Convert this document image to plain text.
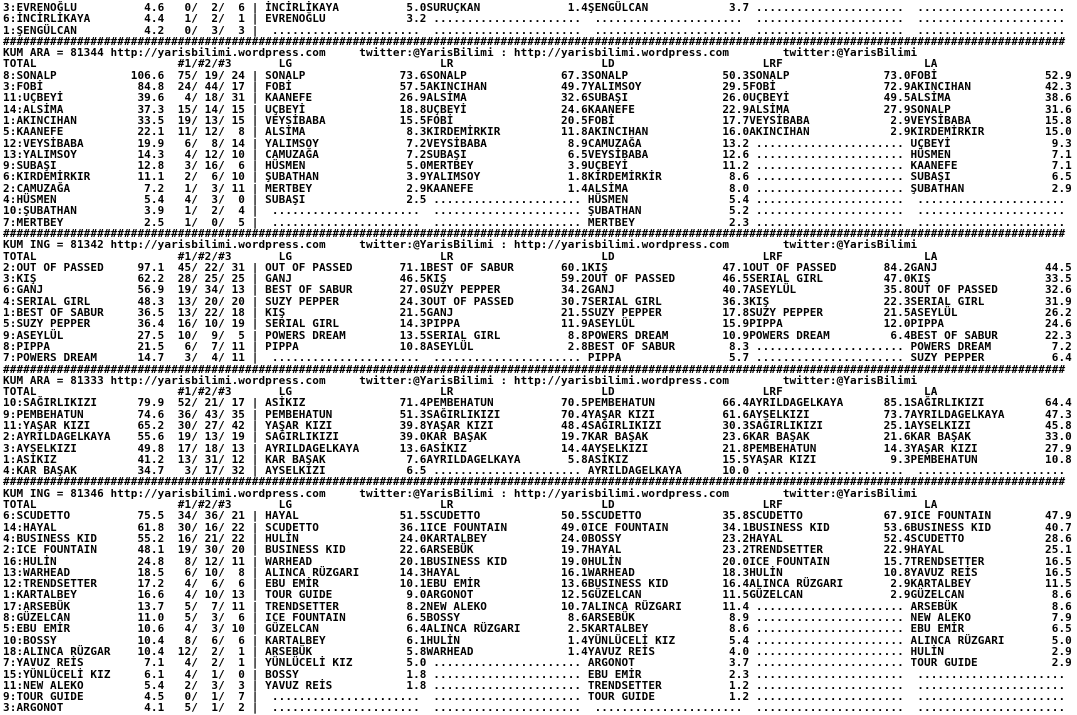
3:EVRENOĞLU          4.6   0/  2/  6 | İNCİRLİKAYA          5.0SURUÇKAN             1.4ŞENGÜLCAN            3.7 ......................  ......................
6:İNCİRLİKAYA        4.4   1/  2/  1 | EVRENOĞLU            3.2 ......................  ......................  ......................  ......................
1:ŞENGÜLCAN          4.2   0/  3/  3 |  ......................  ......................  ......................  ......................  ......................
##############################################################################################################################################################
KUM ARA = 81344 http://yarisbilimi.wordpress.com     twitter:@YarisBilimi : http://yarisbilimi.wordpress.com        twitter:@YarisBilimi
TOTAL                     #1/#2/#3       LG                      LR                      LD                      LRF                     LA
8:SONALP           106.6  75/ 19/ 24 | SONALP              73.6SONALP              67.3SONALP              50.3SONALP              73.0FOBİ                52.9
3:FOBİ              84.8  24/ 44/ 17 | FOBİ                57.5AKINCIHAN           49.7YALIMSOY            29.5FOBİ                72.9AKINCIHAN           42.3
11:UÇBEYİ           39.6   4/ 18/ 31 | KAANEFE             26.9ALSİMA              32.6SUBAŞI              26.0UÇBEYİ              49.5ALSİMA              38.6
14:ALSİMA           37.3  15/ 14/ 15 | UÇBEYİ              18.8UÇBEYİ              24.6KAANEFE             22.9ALSİMA              27.9SONALP              31.6
1:AKINCIHAN         33.5  19/ 13/ 15 | VEYSİBABA           15.5FOBİ                20.5FOBİ                17.7VEYSİBABA            2.9VEYSİBABA           15.8
5:KAANEFE           22.1  11/ 12/  8 | ALSİMA               8.3KIRDEMİRKIR         11.8AKINCIHAN           16.0AKINCIHAN            2.9KIRDEMİRKIR         15.0
12:VEYSİBABA        19.9   6/  8/ 14 | YALIMSOY             7.2VEYSİBABA            8.9CAMUZAĞA            13.2 ...................... UÇBEYİ               9.3
13:YALIMSOY         14.3   4/ 12/ 10 | CAMUZAĞA             7.2SUBAŞI               6.5VEYSİBABA           12.6 ...................... HÜSMEN               7.1
9:SUBAŞI            12.8   3/ 16/  6 | HÜSMEN               5.0MERTBEY              3.9UÇBEYİ              11.2 ...................... KAANEFE              7.1
6:KIRDEMİRKIR       11.1   2/  6/ 10 | ŞUBATHAN             3.9YALIMSOY             1.8KİRDEMİRKİR          8.6 ...................... SUBAŞI               6.5
2:CAMUZAĞA           7.2   1/  3/ 11 | MERTBEY              2.9KAANEFE              1.4ALSİMA               8.0 ...................... ŞUBATHAN             2.9
4:HÜSMEN             5.4   4/  3/  0 | SUBAŞI               2.5 ...................... HÜSMEN               5.4 ......................  ......................
10:ŞUBATHAN          3.9   1/  2/  4 |  ......................  ...................... ŞUBATHAN             5.2 ......................  ......................
7:MERTBEY            2.5   1/  0/  5 |  ......................  ...................... MERTBEY              2.3 ......................  ......................
##############################################################################################################################################################
KUM ING = 81342 http://yarisbilimi.wordpress.com     twitter:@YarisBilimi : http://yarisbilimi.wordpress.com        twitter:@YarisBilimi
TOTAL                     #1/#2/#3       LG                      LR                      LD                      LRF                     LA
2:OUT OF PASSED     97.1  45/ 22/ 31 | OUT OF PASSED       71.1BEST OF SABUR       60.1KIŞ                 47.1OUT OF PASSED       84.2GANJ                44.5
3:KIŞ               62.2  28/ 25/ 25 | GANJ                46.5KIŞ                 59.2OUT OF PASSED       46.5SERIAL GIRL         47.0KIŞ                 33.5
6:GANJ              56.9  19/ 34/ 13 | BEST OF SABUR       27.0SUZY PEPPER         34.2GANJ                40.7ASEYLÜL             35.8OUT OF PASSED       32.6
4:SERIAL GIRL       48.3  13/ 20/ 20 | SUZY PEPPER         24.3OUT OF PASSED       30.7SERIAL GIRL         36.3KIŞ                 22.3SERIAL GIRL         31.9
1:BEST OF SABUR     36.5  13/ 22/ 18 | KIŞ                 21.5GANJ                21.5SUZY PEPPER         17.8SUZY PEPPER         21.5ASEYLÜL             26.2
5:SUZY PEPPER       36.4  16/ 10/ 19 | SERIAL GIRL         14.3PIPPA               11.9ASEYLÜL             15.9PIPPA               12.0PIPPA               24.6
9:ASEYLÜL           27.5  10/  9/  5 | POWERS DREAM        13.5SERIAL GIRL          8.8POWERS DREAM        10.9POWERS DREAM         6.4BEST OF SABUR       22.3
8:PIPPA             21.5   6/  7/ 11 | PIPPA               10.8ASEYLÜL              2.8BEST OF SABUR        8.3 ...................... POWERS DREAM         7.2
7:POWERS DREAM      14.7   3/  4/ 11 |  ......................  ...................... PIPPA                5.7 ...................... SUZY PEPPER          6.4
##############################################################################################################################################################
KUM ARA = 81333 http://yarisbilimi.wordpress.com     twitter:@YarisBilimi : http://yarisbilimi.wordpress.com        twitter:@YarisBilimi
TOTAL                     #1/#2/#3       LG                      LR                      LD                      LRF                     LA
10:SAĞIRLIKIZI      79.9  52/ 21/ 17 | ASİKIZ              71.4PEMBEHATUN          70.5PEMBEHATUN          66.4AYRILDAGELKAYA      85.1SAĞIRLIKIZI         64.4
9:PEMBEHATUN        74.6  36/ 43/ 35 | PEMBEHATUN          51.3SAĞIRLIKIZI         70.4YAŞAR KIZI          61.6AYSELKIZI           73.7AYRILDAGELKAYA      47.3
11:YAŞAR KIZI       65.2  30/ 27/ 42 | YAŞAR KIZI          39.8YAŞAR KIZI          48.4SAĞIRLIKIZI         30.3SAĞIRLIKIZI         25.1AYSELKIZI           45.8
2:AYRILDAGELKAYA    55.6  19/ 13/ 19 | SAĞIRLIKIZI         39.0KAR BAŞAK           19.7KAR BAŞAK           23.6KAR BAŞAK           21.6KAR BAŞAK           33.0
3:AYSELKIZI         49.8  17/ 18/ 13 | AYRILDAGELKAYA      13.6ASİKIZ              14.4AYSELKIZI           21.8PEMBEHATUN          14.3YAŞAR KIZI          27.9
1:ASİKIZ            41.2  13/ 31/ 12 | KAR BAŞAK            7.6AYRILDAGELKAYA       5.8ASİKIZ              15.5YAŞAR KIZI           9.3PEMBEHATUN          10.8
4:KAR BAŞAK         34.7   3/ 17/ 32 | AYSELKIZI            6.5 ...................... AYRILDAGELKAYA      10.0 ......................  ......................
##############################################################################################################################################################
KUM ING = 81346 http://yarisbilimi.wordpress.com     twitter:@YarisBilimi : http://yarisbilimi.wordpress.com        twitter:@YarisBilimi
TOTAL                     #1/#2/#3       LG                      LR                      LD                      LRF                     LA
6:SCUDETTO          75.5  34/ 36/ 21 | HAYAL               51.5SCUDETTO            50.5SCUDETTO            35.8SCUDETTO            67.9ICE FOUNTAIN        47.9
14:HAYAL            61.8  30/ 16/ 22 | SCUDETTO            36.1ICE FOUNTAIN        49.0ICE FOUNTAIN        34.1BUSINESS KID        53.6BUSINESS KID        40.7
4:BUSINESS KID      55.2  16/ 21/ 22 | HULİN               24.0KARTALBEY           24.0BOSSY               23.2HAYAL               52.4SCUDETTO            28.6
2:ICE FOUNTAIN      48.1  19/ 30/ 20 | BUSINESS KID        22.6ARSEBÜK             19.7HAYAL               23.2TRENDSETTER         22.9HAYAL               25.1
16:HULİN            24.8   8/ 12/ 11 | WARHEAD             20.1BUSINESS KID        19.0HULİN               20.0ICE FOUNTAIN        15.7TRENDSETTER         16.5
13:WARHEAD          18.5   6/ 10/  8 | ALINCA RÜZGARI      14.3HAYAL               16.1WARHEAD             18.3HULİN               10.8YAVUZ REİS          16.5
12:TRENDSETTER      17.2   4/  6/  6 | EBU EMİR            10.1EBU EMİR            13.6BUSINESS KID        16.4ALINCA RÜZGARI       2.9KARTALBEY           11.5
1:KARTALBEY         16.6   4/ 10/ 13 | TOUR GUIDE           9.0ARGONOT             12.5GÜZELCAN            11.5GÜZELCAN             2.9GÜZELCAN             8.6
17:ARSEBÜK          13.7   5/  7/ 11 | TRENDSETTER          8.2NEW ALEKO           10.7ALINCA RÜZGARI      11.4 ...................... ARSEBÜK              8.6
8:GÜZELCAN          11.0   5/  3/  6 | ICE FOUNTAIN         6.5BOSSY                8.6ARSEBÜK              8.9 ...................... NEW ALEKO            7.9
5:EBU EMİR          10.6   4/  3/ 10 | GÜZELCAN             6.4ALINCA RÜZGARI       2.5KARTALBEY            8.6 ...................... EBU EMİR             6.5
10:BOSSY            10.4   8/  6/  6 | KARTALBEY            6.1HULİN                1.4YÜNLÜCELİ KIZ        5.4 ...................... ALINCA RÜZGARI       5.0
18:ALINCA RÜZGAR    10.4  12/  2/  1 | ARSEBÜK              5.8WARHEAD              1.4YAVUZ REİS           4.0 ...................... HULİN                2.9
7:YAVUZ REİS         7.1   4/  2/  1 | YÜNLÜCELİ KIZ        5.0 ...................... ARGONOT              3.7 ...................... TOUR GUIDE           2.9
15:YÜNLÜCELİ KIZ     6.1   4/  1/  0 | BOSSY                1.8 ...................... EBU EMİR             2.3 ......................  ......................
11:NEW ALEKO         5.4   2/  3/  3 | YAVUZ REİS           1.8 ...................... TRENDSETTER          1.2 ......................  ......................
9:TOUR GUIDE         4.5   0/  1/  7 |  ......................  ...................... TOUR GUIDE           1.2 ......................  ......................
3:ARGONOT            4.1   5/  1/  2 |  ......................  ......................  ......................  ......................  ......................
